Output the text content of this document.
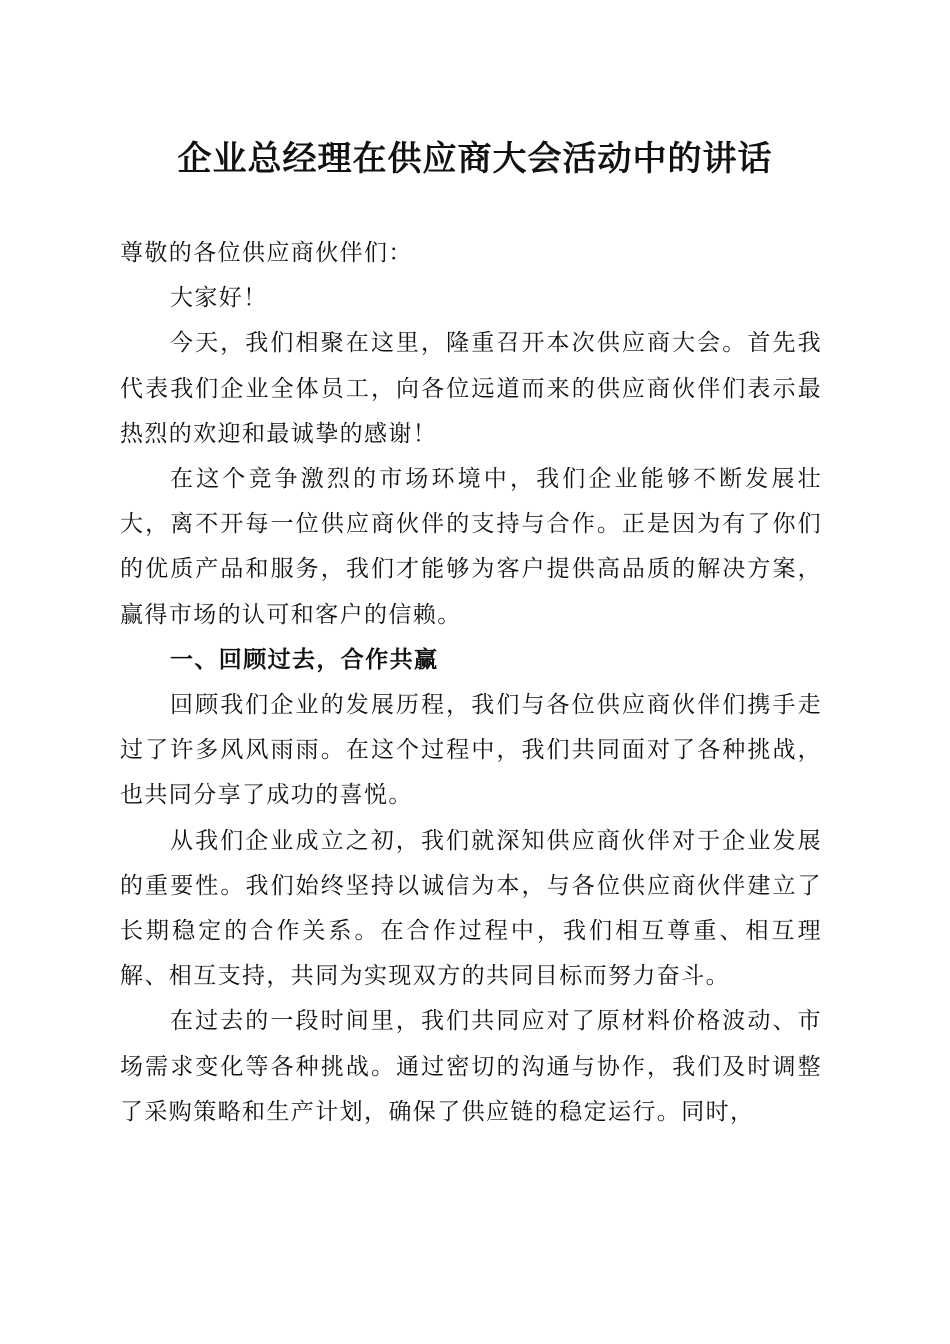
企业总经理在供应商大会活动中的讲话

尊敬的各位供应商伙伴们：

大家好！

今天，我们相聚在这里，隆重召开本次供应商大会。首先我代表我们企业全体员工，向各位远道而来的供应商伙伴们表示最热烈的欢迎和最诚挚的感谢！

在这个竞争激烈的市场环境中，我们企业能够不断发展壮大，离不开每一位供应商伙伴的支持与合作。正是因为有了你们的优质产品和服务，我们才能够为客户提供高品质的解决方案，赢得市场的认可和客户的信赖。

一、回顾过去，合作共赢

回顾我们企业的发展历程，我们与各位供应商伙伴们携手走过了许多风风雨雨。在这个过程中，我们共同面对了各种挑战，也共同分享了成功的喜悦。

从我们企业成立之初，我们就深知供应商伙伴对于企业发展的重要性。我们始终坚持以诚信为本，与各位供应商伙伴建立了长期稳定的合作关系。在合作过程中，我们相互尊重、相互理解、相互支持，共同为实现双方的共同目标而努力奋斗。

在过去的一段时间里，我们共同应对了原材料价格波动、市场需求变化等各种挑战。通过密切的沟通与协作，我们及时调整了采购策略和生产计划，确保了供应链的稳定运行。同时，
